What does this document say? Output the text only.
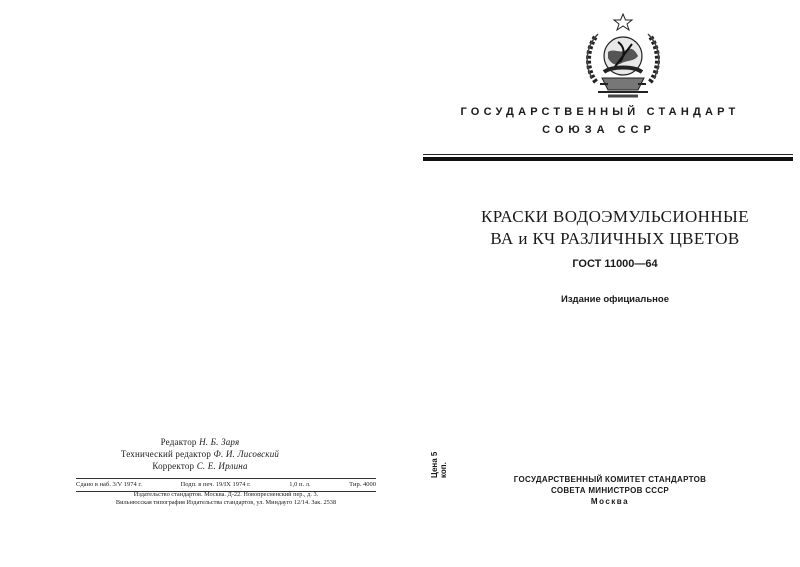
Редактор Н. Б. Заря
Технический редактор Ф. И. Лисовский
Корректор С. Е. Ирлина
Сдано в наб. 3/V 1974 г.	Подп. в печ. 19/IX 1974 г.	1,0 п. л.	Тир. 4000
Издательство стандартов. Москва. Д-22. Новопресненский пер., д. 3.
Вильнюсская типография Издательства стандартов, ул. Миндауго 12/14. Зак. 2538
ГОСУДАРСТВЕННЫЙ СТАНДАРТ
СОЮЗА ССР
КРАСКИ ВОДОЭМУЛЬСИОННЫЕ
ВА и КЧ РАЗЛИЧНЫХ ЦВЕТОВ
ГОСТ 11000—64
Издание официальное
Цена 5 коп.
ГОСУДАРСТВЕННЫЙ КОМИТЕТ СТАНДАРТОВ
СОВЕТА МИНИСТРОВ СССР
Москва
